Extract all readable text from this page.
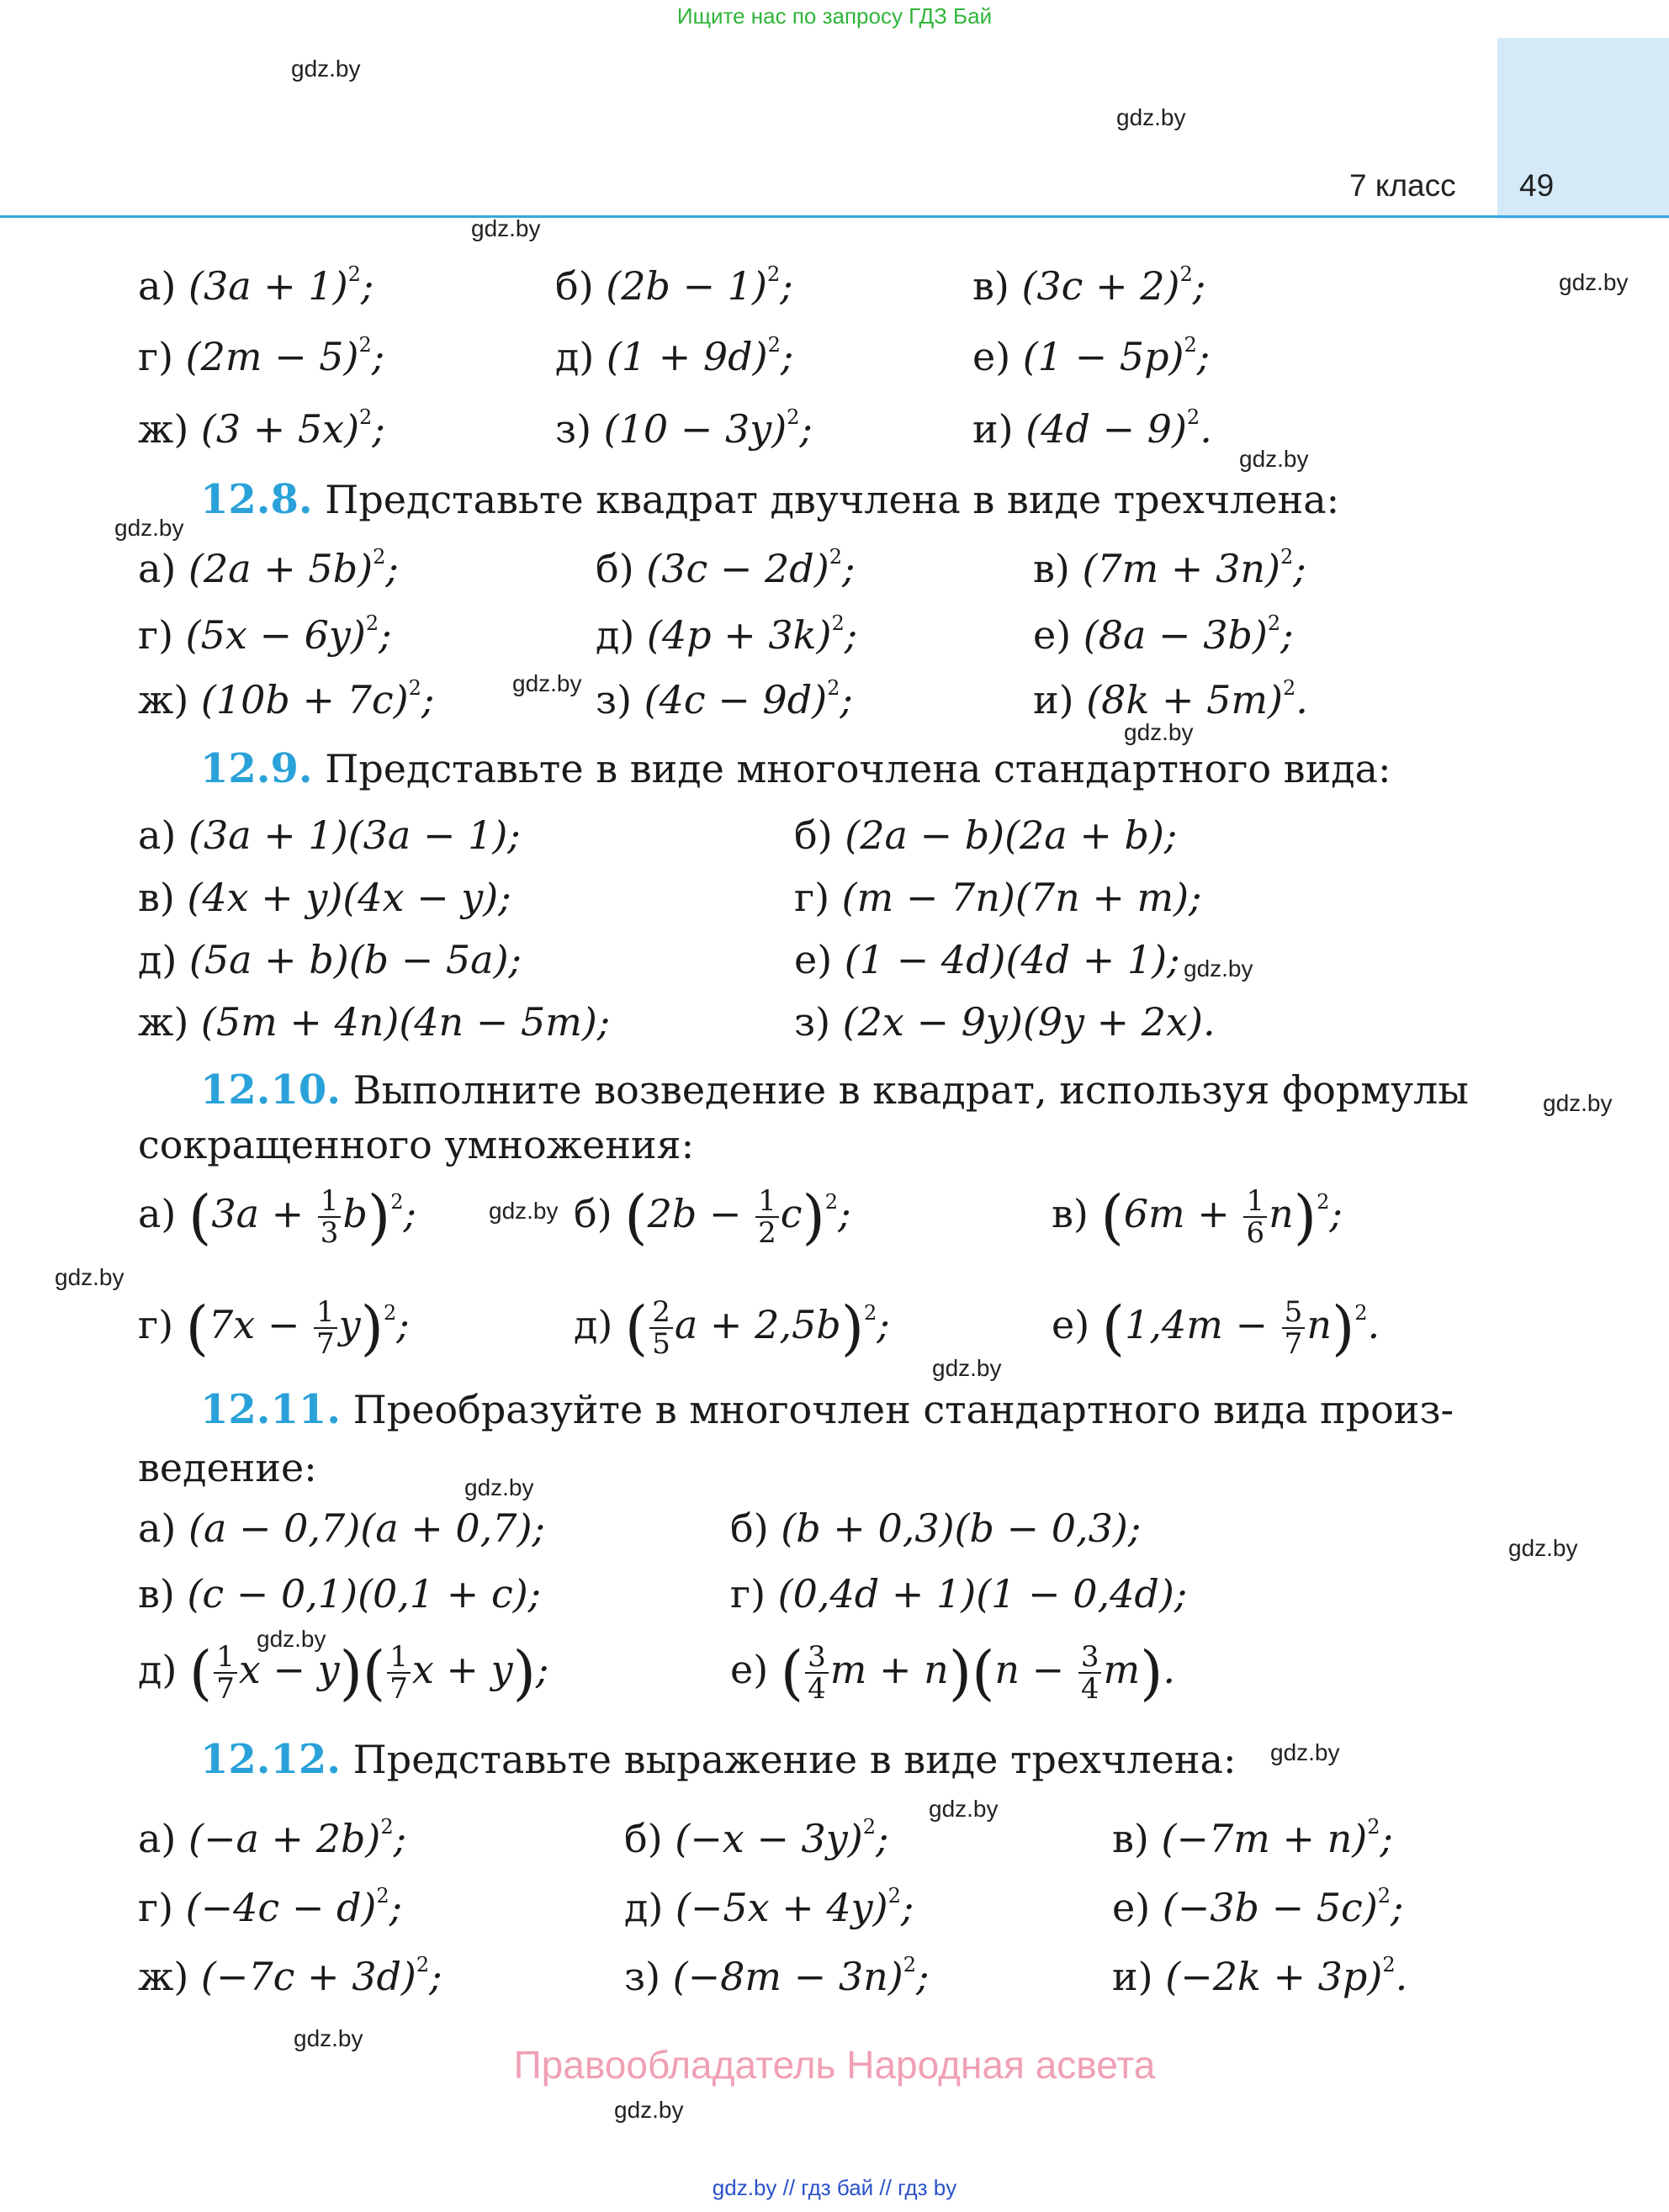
Ищите нас по запросу ГДЗ Бай
7 класс 49
gdz.by
gdz.by
gdz.by
gdz.by
gdz.by
gdz.by
gdz.by
gdz.by
gdz.by
gdz.by
gdz.by
gdz.by
gdz.by
gdz.by
gdz.by
gdz.by
gdz.by
gdz.by
gdz.by
gdz.by
а) $(3a + 1)^2$;	б) $(2b - 1)^2$;	в) $(3c + 2)^2$;
г) $(2m - 5)^2$;	д) $(1 + 9d)^2$;	е) $(1 - 5p)^2$;
ж) $(3 + 5x)^2$;	з) $(10 - 3y)^2$;	и) $(4d - 9)^2$.
12.8. Представьте квадрат двучлена в виде трехчлена:
а) $(2a + 5b)^2$;	б) $(3c - 2d)^2$;	в) $(7m + 3n)^2$;
г) $(5x - 6y)^2$;	д) $(4p + 3k)^2$;	е) $(8a - 3b)^2$;
ж) $(10b + 7c)^2$;	з) $(4c - 9d)^2$;	и) $(8k + 5m)^2$.
12.9. Представьте в виде многочлена стандартного вида:
а) (3a + 1)(3a − 1);	б) (2a − b)(2a + b);
в) (4x + y)(4x − y);	г) (m − 7n)(7n + m);
д) (5a + b)(b − 5a);	е) (1 − 4d)(4d + 1);
ж) (5m + 4n)(4n − 5m);	з) (2x − 9y)(9y + 2x).
12.10. Выполните возведение в квадрат, используя формулы
сокращенного умножения:
а) $(3a + \frac{1}{3} b)^2$;	б) $(2b - \frac{1}{2} c)^2$;	в) $(6m + \frac{1}{6} n)^2$;
г) $(7x - \frac{1}{7} y)^2$;	д) ( $\frac{2}{5}$ a + 2,5b)$^2$;	е) $(1,4m - \frac{5}{7} n)^2$.
12.11. Преобразуйте в многочлен стандартного вида произ-
ведение:
а) (a − 0,7)(a + 0,7);	б) (b + 0,3)(b − 0,3);
в) (c − 0,1)(0,1 + c);	г) (0,4d + 1)(1 − 0,4d);
д) ( $\frac{1}{7}$ $x - y)( \frac{1}{7}$ x + y);	е) ( $\frac{3}{4}$ $m + n)(n - \frac{3}{4} m)$.
12.12. Представьте выражение в виде трехчлена:
а) $(-a + 2b)^2$;	б) $(-x - 3y)^2$;	в) $(-7m + n)^2$;
г) $(-4c - d)^2$;	д) $(-5x + 4y)^2$;	е) $(-3b - 5c)^2$;
ж) $(-7c + 3d)^2$;	з) $(-8m - 3n)^2$;	и) $(-2k + 3p)^2$.
Правообладатель Народная асвета
gdz.by // гдз бай // гдз by
